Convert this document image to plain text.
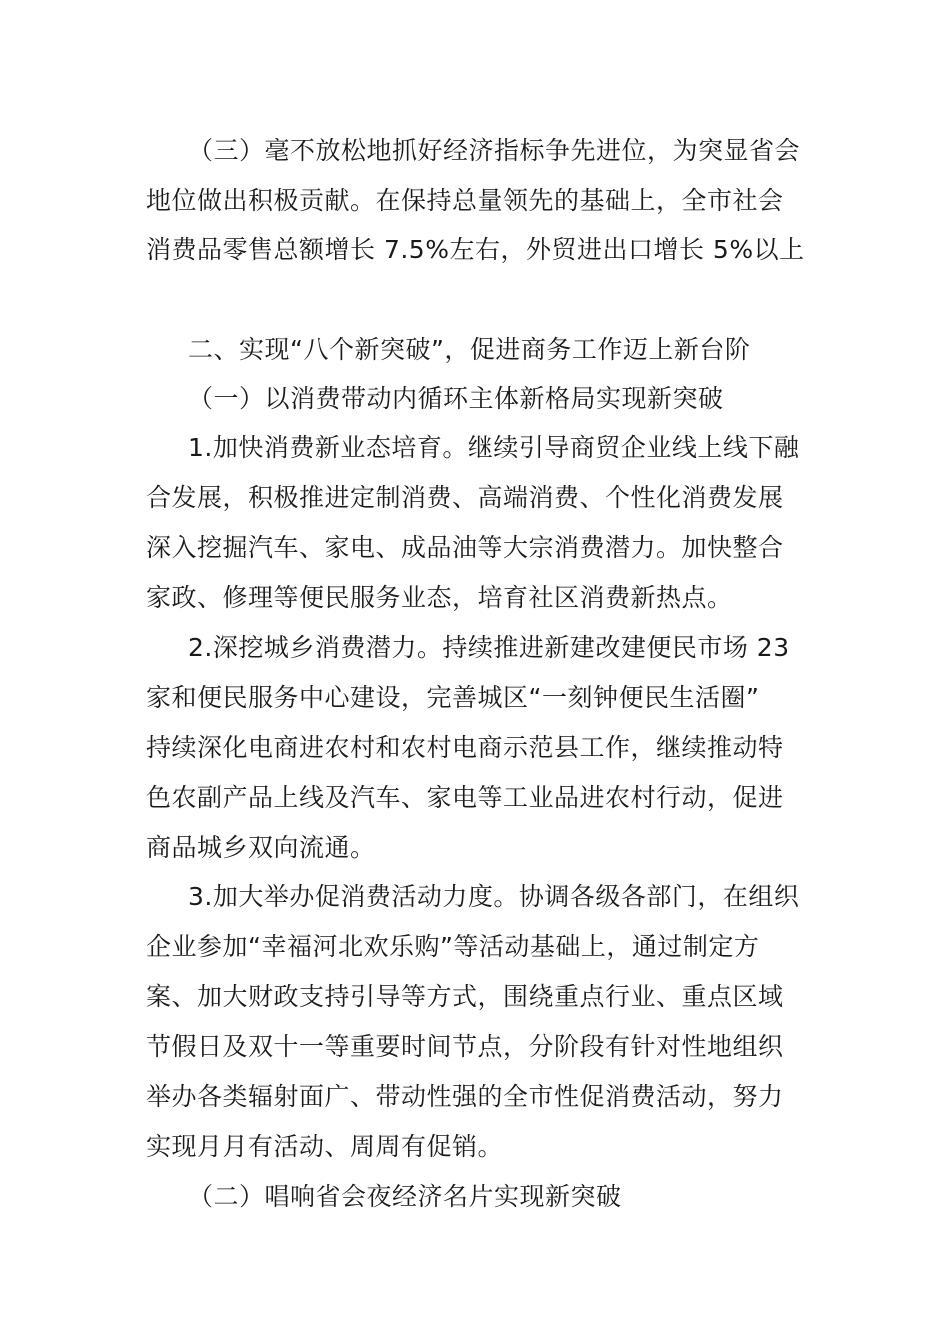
（三）毫不放松地抓好经济指标争先进位，为突显省会
地位做出积极贡献。在保持总量领先的基础上，全市社会
消费品零售总额增长 7.5%左右，外贸进出口增长 5%以上
二、实现“八个新突破”，促进商务工作迈上新台阶
（一）以消费带动内循环主体新格局实现新突破
1.加快消费新业态培育。继续引导商贸企业线上线下融
合发展，积极推进定制消费、高端消费、个性化消费发展
深入挖掘汽车、家电、成品油等大宗消费潜力。加快整合
家政、修理等便民服务业态，培育社区消费新热点。
2.深挖城乡消费潜力。持续推进新建改建便民市场 23
家和便民服务中心建设，完善城区“一刻钟便民生活圈”
持续深化电商进农村和农村电商示范县工作，继续推动特
色农副产品上线及汽车、家电等工业品进农村行动，促进
商品城乡双向流通。
3.加大举办促消费活动力度。协调各级各部门，在组织
企业参加“幸福河北欢乐购”等活动基础上，通过制定方
案、加大财政支持引导等方式，围绕重点行业、重点区域
节假日及双十一等重要时间节点，分阶段有针对性地组织
举办各类辐射面广、带动性强的全市性促消费活动，努力
实现月月有活动、周周有促销。
（二）唱响省会夜经济名片实现新突破
